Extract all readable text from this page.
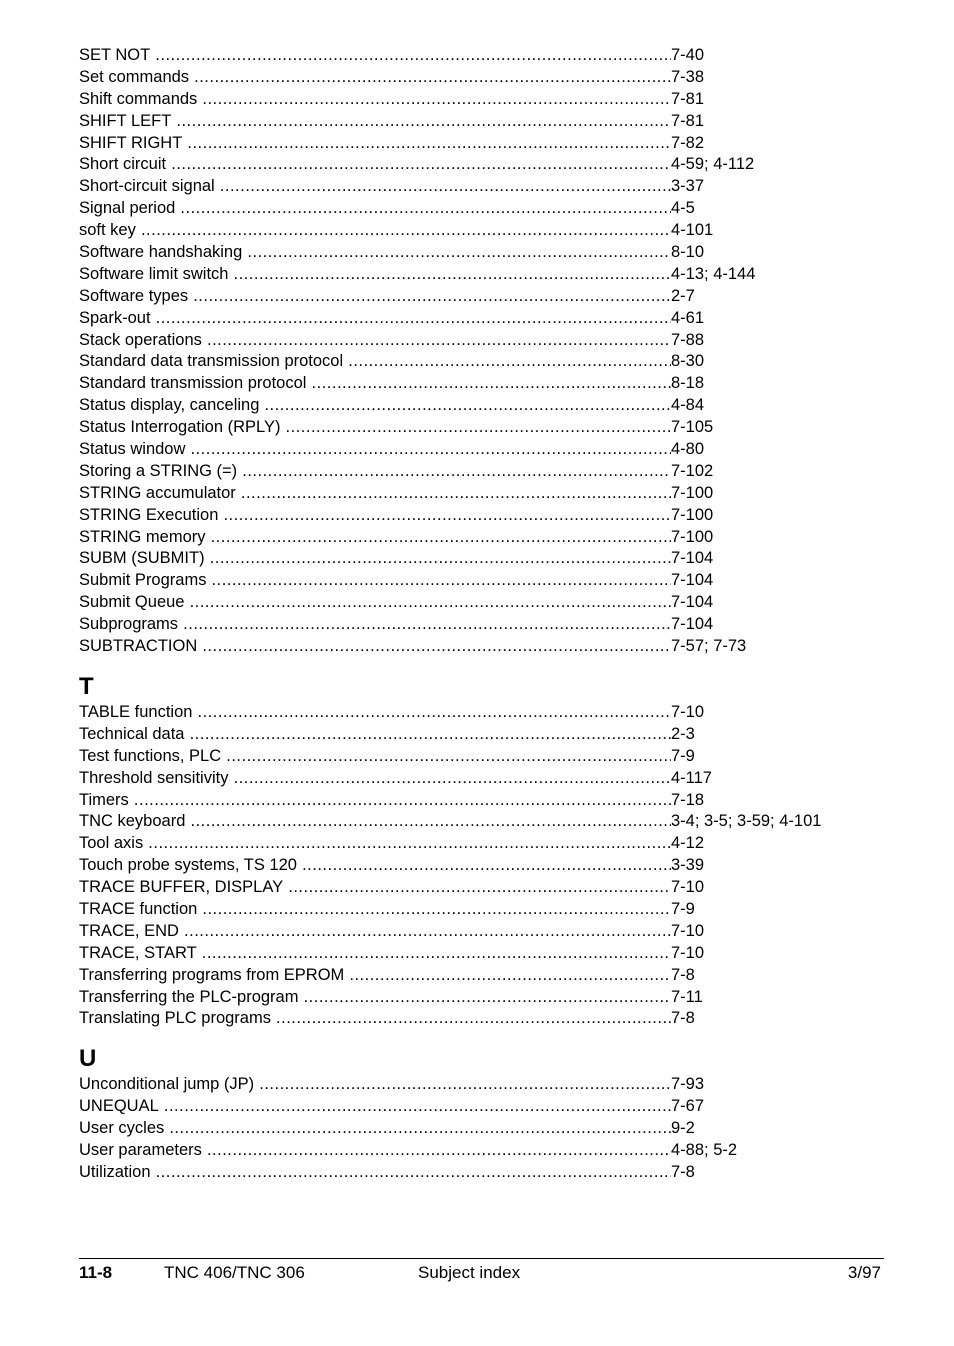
SET NOT .....	7-40
Set commands .....	7-38
Shift commands .....	7-81
SHIFT LEFT .....	7-81
SHIFT RIGHT .....	7-82
Short circuit .....	4-59; 4-112
Short-circuit signal .....	3-37
Signal period .....	4-5
soft key .....	4-101
Software handshaking .....	8-10
Software limit switch .....	4-13; 4-144
Software types .....	2-7
Spark-out .....	4-61
Stack operations .....	7-88
Standard data transmission protocol .....	8-30
Standard transmission protocol .....	8-18
Status display, canceling .....	4-84
Status Interrogation (RPLY) .....	7-105
Status window .....	4-80
Storing a STRING (=) .....	7-102
STRING accumulator .....	7-100
STRING Execution .....	7-100
STRING memory .....	7-100
SUBM (SUBMIT) .....	7-104
Submit Programs .....	7-104
Submit Queue .....	7-104
Subprograms .....	7-104
SUBTRACTION .....	7-57; 7-73
T
TABLE function .....	7-10
Technical data .....	2-3
Test functions, PLC .....	7-9
Threshold sensitivity .....	4-117
Timers .....	7-18
TNC keyboard .....	3-4; 3-5; 3-59; 4-101
Tool axis .....	4-12
Touch probe systems, TS 120 .....	3-39
TRACE BUFFER, DISPLAY .....	7-10
TRACE function .....	7-9
TRACE, END .....	7-10
TRACE, START .....	7-10
Transferring programs from EPROM .....	7-8
Transferring the PLC-program .....	7-11
Translating PLC programs .....	7-8
U
Unconditional jump (JP) .....	7-93
UNEQUAL .....	7-67
User cycles .....	9-2
User parameters .....	4-88; 5-2
Utilization .....	7-8
11-8	TNC 406/TNC 306	Subject index	3/97
